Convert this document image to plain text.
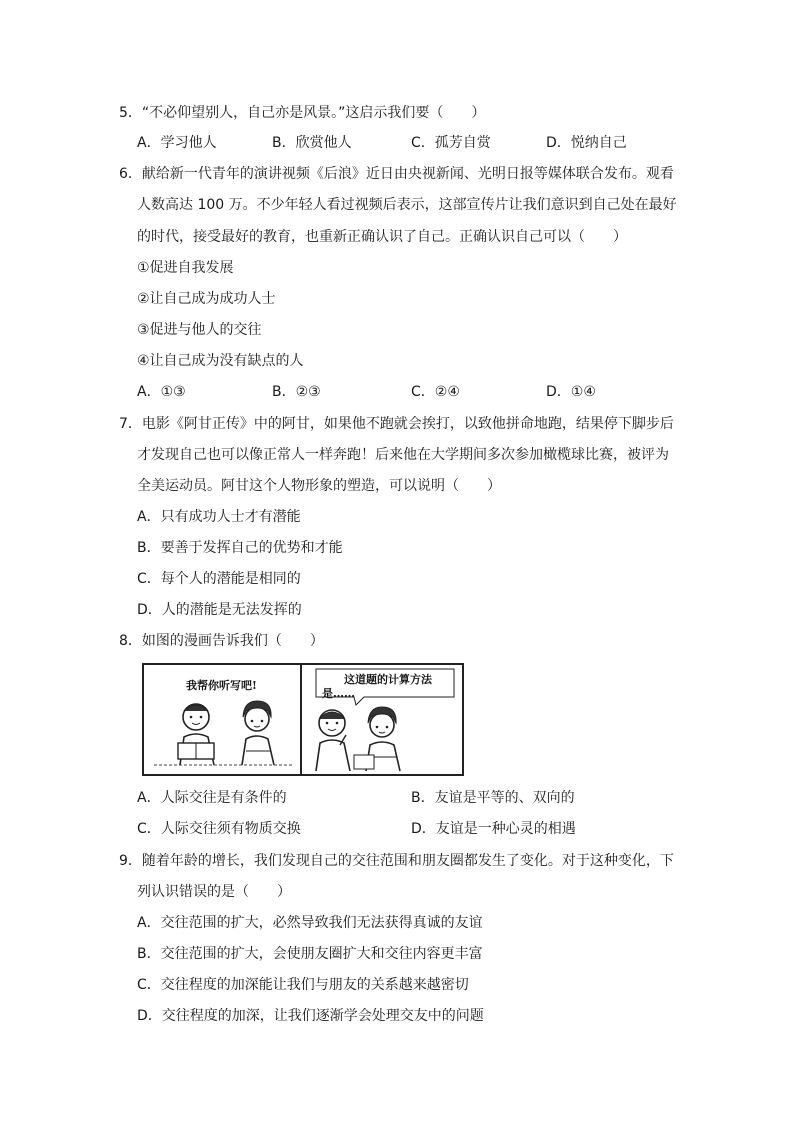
5．“不必仰望别人，自己亦是风景。”这启示我们要（　　）
A．学习他人	B．欣赏他人	C．孤芳自赏	D．悦纳自己
6．献给新一代青年的演讲视频《后浪》近日由央视新闻、光明日报等媒体联合发布。观看
人数高达 100 万。不少年轻人看过视频后表示，这部宣传片让我们意识到自己处在最好
的时代，接受最好的教育，也重新正确认识了自己。正确认识自己可以（　　）
①促进自我发展
②让自己成为成功人士
③促进与他人的交往
④让自己成为没有缺点的人
A．①③	B．②③	C．②④	D．①④
7．电影《阿甘正传》中的阿甘，如果他不跑就会挨打，以致他拼命地跑，结果停下脚步后
才发现自己也可以像正常人一样奔跑！后来他在大学期间多次参加橄榄球比赛，被评为
全美运动员。阿甘这个人物形象的塑造，可以说明（　　）
A．只有成功人士才有潜能
B．要善于发挥自己的优势和才能
C．每个人的潜能是相同的
D．人的潜能是无法发挥的
8．如图的漫画告诉我们（　　）
我帮你听写吧!	这道题的计算方法
是……
A．人际交往是有条件的	B．友谊是平等的、双向的
C．人际交往须有物质交换	D．友谊是一种心灵的相遇
9．随着年龄的增长，我们发现自己的交往范围和朋友圈都发生了变化。对于这种变化，下
列认识错误的是（　　）
A．交往范围的扩大，必然导致我们无法获得真诚的友谊
B．交往范围的扩大，会使朋友圈扩大和交往内容更丰富
C．交往程度的加深能让我们与朋友的关系越来越密切
D．交往程度的加深，让我们逐渐学会处理交友中的问题
